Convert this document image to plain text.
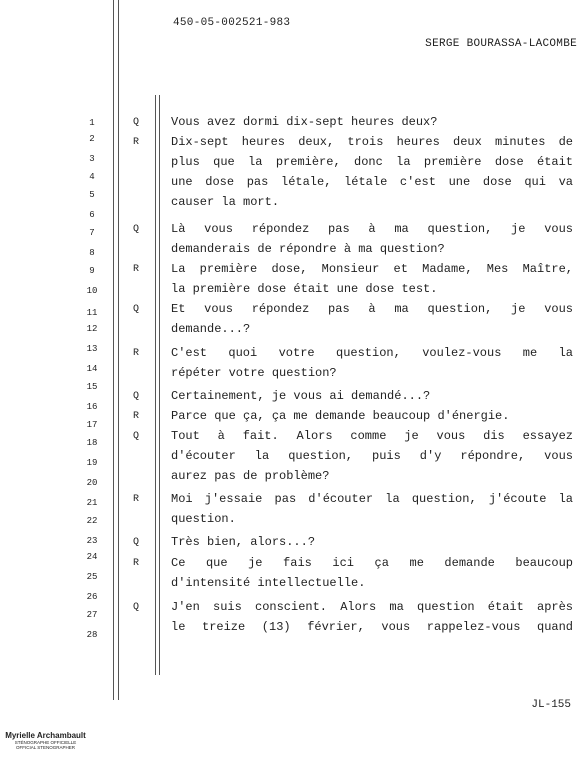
450-05-002521-983
SERGE BOURASSA-LACOMBE
1
2
3
4
5
6
7
8
9
10
11
12
13
14
15
16
17
18
19
20
21
22
23
24
25
26
27
28
Q	Vous avez dormi dix-sept heures deux?
R	Dix-sept heures deux, trois heures deux minutes de
plus que la première, donc la première dose était
une dose pas létale, létale c'est une dose qui va
causer la mort.
Q	Là vous répondez pas à ma question, je vous
demanderais de répondre à ma question?
R	La première dose, Monsieur et Madame, Mes Maître,
la première dose était une dose test.
Q	Et vous répondez pas à ma question, je vous
demande...?
R	C'est quoi votre question, voulez-vous me la
répéter votre question?
Q	Certainement, je vous ai demandé...?
R	Parce que ça, ça me demande beaucoup d'énergie.
Q	Tout à fait. Alors comme je vous dis essayez
d'écouter la question, puis d'y répondre, vous
aurez pas de problème?
R	Moi j'essaie pas d'écouter la question, j'écoute la
question.
Q	Très bien, alors...?
R	Ce que je fais ici ça me demande beaucoup
d'intensité intellectuelle.
Q	J'en suis conscient. Alors ma question était après
le treize (13) février, vous rappelez-vous quand
JL-155
Myrielle Archambault
STÉNOGRAPHE OFFICIELLE
OFFICIAL STENOGRAPHER
